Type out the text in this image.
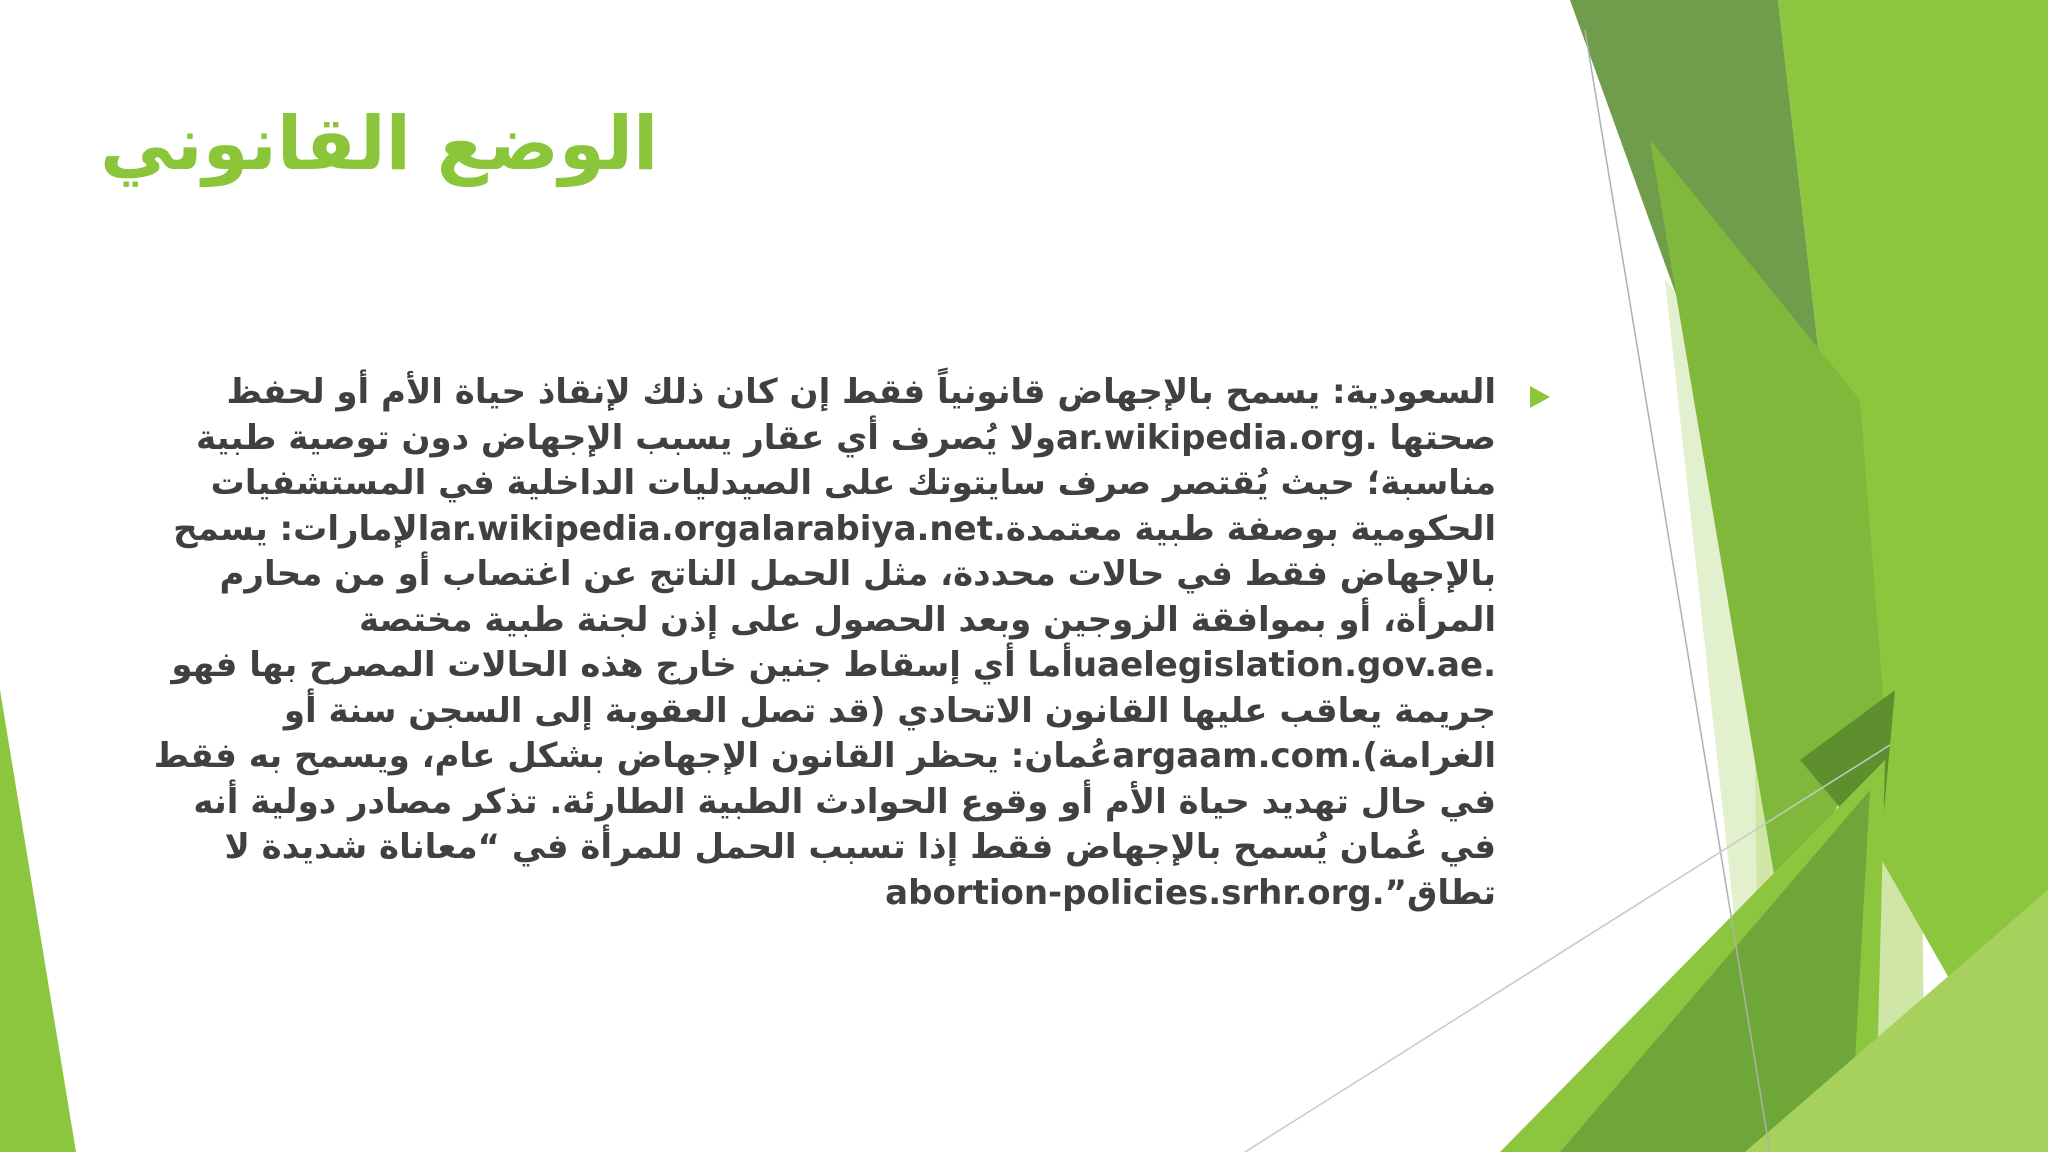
الوضع القانوني

السعودية: يسمح بالإجهاض قانونياً فقط إن كان ذلك لإنقاذ حياة الأم أو لحفظ صحتها .ar.wikipedia.orgولا يُصرف أي عقار يسبب الإجهاض دون توصية طبية مناسبة؛ حيث يُقتصر صرف سايتوتك على الصيدليات الداخلية في المستشفيات الحكومية بوصفة طبية معتمدة.ar.wikipedia.orgalarabiya.netالإمارات: يسمح بالإجهاض فقط في حالات محددة، مثل الحمل الناتج عن اغتصاب أو من محارم المرأة، أو بموافقة الزوجين وبعد الحصول على إذن لجنة طبية مختصة .uaelegislation.gov.aeأما أي إسقاط جنين خارج هذه الحالات المصرح بها فهو جريمة يعاقب عليها القانون الاتحادي (قد تصل العقوبة إلى السجن سنة أو الغرامة).argaam.comعُمان: يحظر القانون الإجهاض بشكل عام، ويسمح به فقط في حال تهديد حياة الأم أو وقوع الحوادث الطبية الطارئة. تذكر مصادر دولية أنه في عُمان يُسمح بالإجهاض فقط إذا تسبب الحمل للمرأة في “معاناة شديدة لا تطاق”.abortion-policies.srhr.org
